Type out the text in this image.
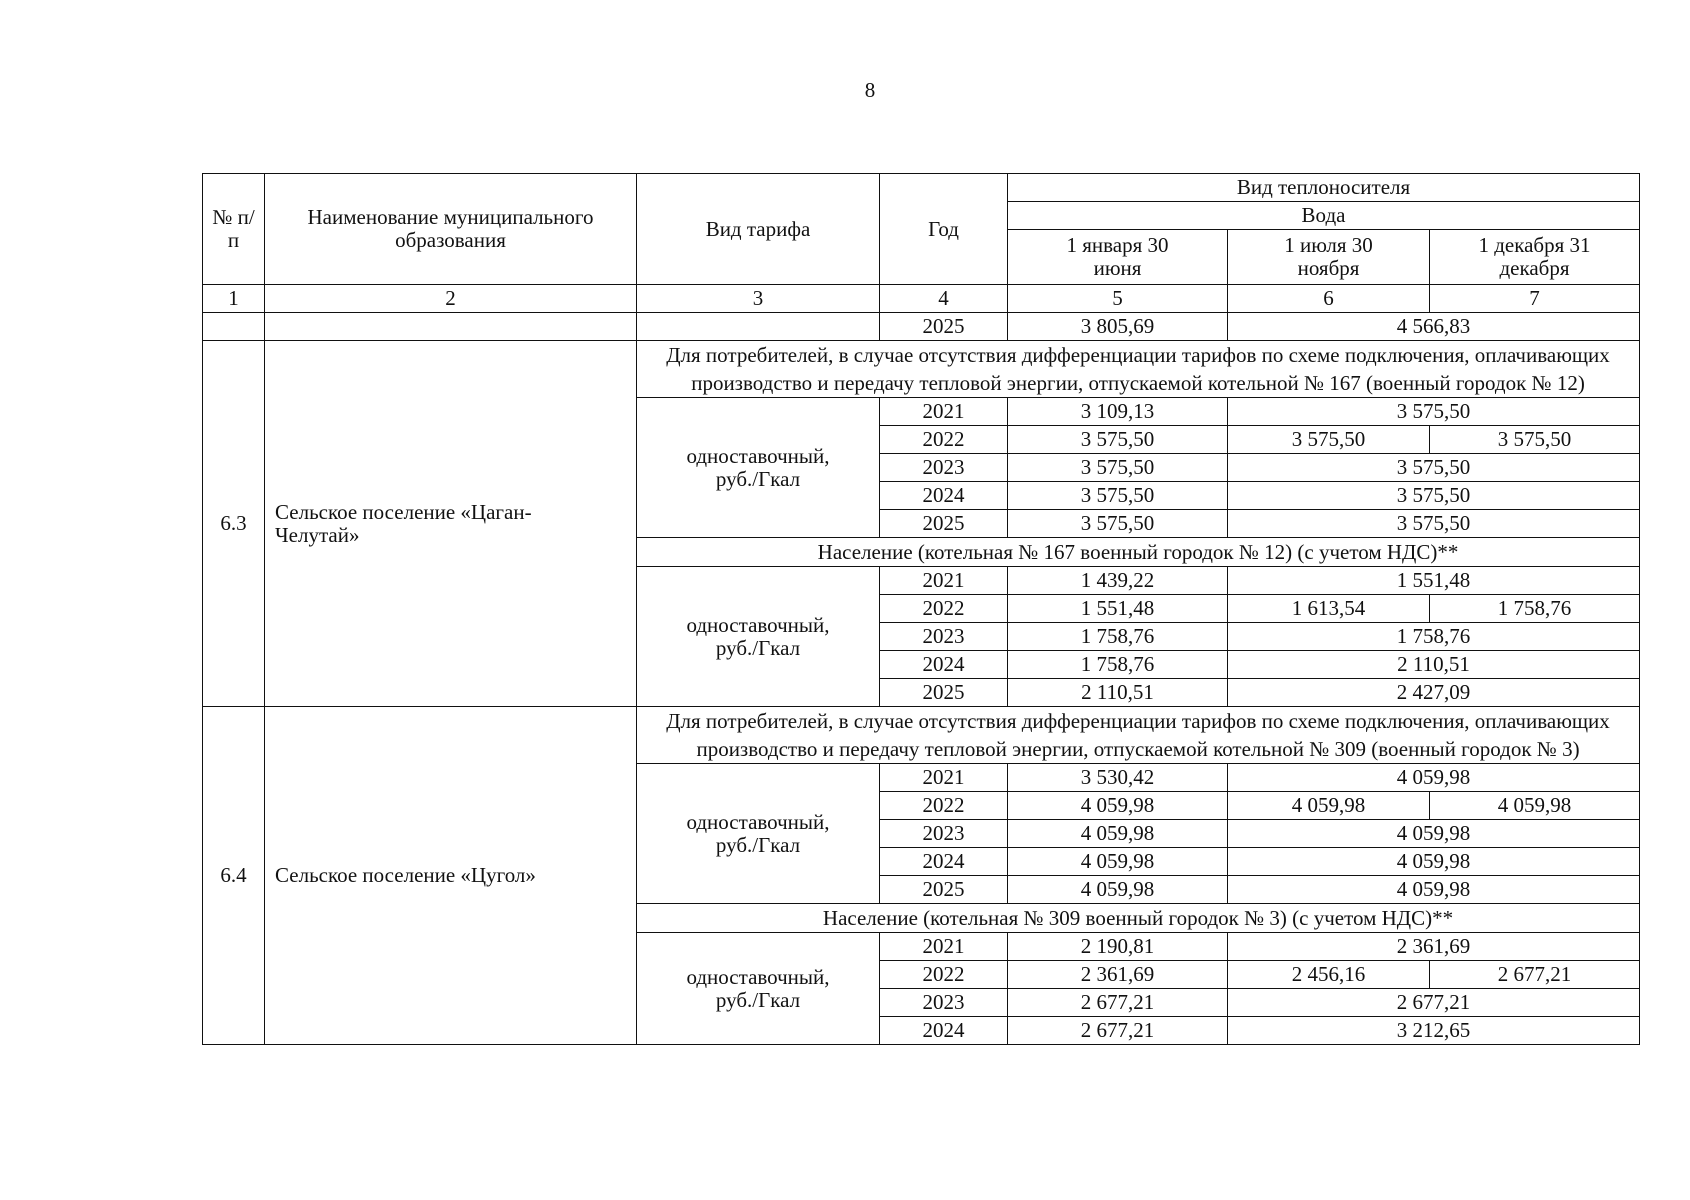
8
№ п/п	Наименование муниципального образования	Вид тарифа	Год	Вид теплоносителя		
				Вода		
				1 января 30 июня	1 июля 30 ноября	1 декабря 31 декабря
1	2	3	4	5	6	7
			2025	3 805,69	4 566,83	
6.3	Сельское поселение «Цаган-Челутай»	Для потребителей, в случае отсутствия дифференциации тарифов по схеме подключения, оплачивающих производство и передачу тепловой энергии, отпускаемой котельной № 167 (военный городок № 12)				
		одноставочный, руб./Гкал	2021	3 109,13	3 575,50	
			2022	3 575,50	3 575,50	3 575,50
			2023	3 575,50	3 575,50	
			2024	3 575,50	3 575,50	
			2025	3 575,50	3 575,50	
		Население (котельная № 167 военный городок № 12) (с учетом НДС)**				
		одноставочный, руб./Гкал	2021	1 439,22	1 551,48	
			2022	1 551,48	1 613,54	1 758,76
			2023	1 758,76	1 758,76	
			2024	1 758,76	2 110,51	
			2025	2 110,51	2 427,09	
6.4	Сельское поселение «Цугол»	Для потребителей, в случае отсутствия дифференциации тарифов по схеме подключения, оплачивающих производство и передачу тепловой энергии, отпускаемой котельной № 309 (военный городок № 3)				
		одноставочный, руб./Гкал	2021	3 530,42	4 059,98	
			2022	4 059,98	4 059,98	4 059,98
			2023	4 059,98	4 059,98	
			2024	4 059,98	4 059,98	
			2025	4 059,98	4 059,98	
		Население (котельная № 309 военный городок № 3) (с учетом НДС)**				
		одноставочный, руб./Гкал	2021	2 190,81	2 361,69	
			2022	2 361,69	2 456,16	2 677,21
			2023	2 677,21	2 677,21	
			2024	2 677,21	3 212,65	
